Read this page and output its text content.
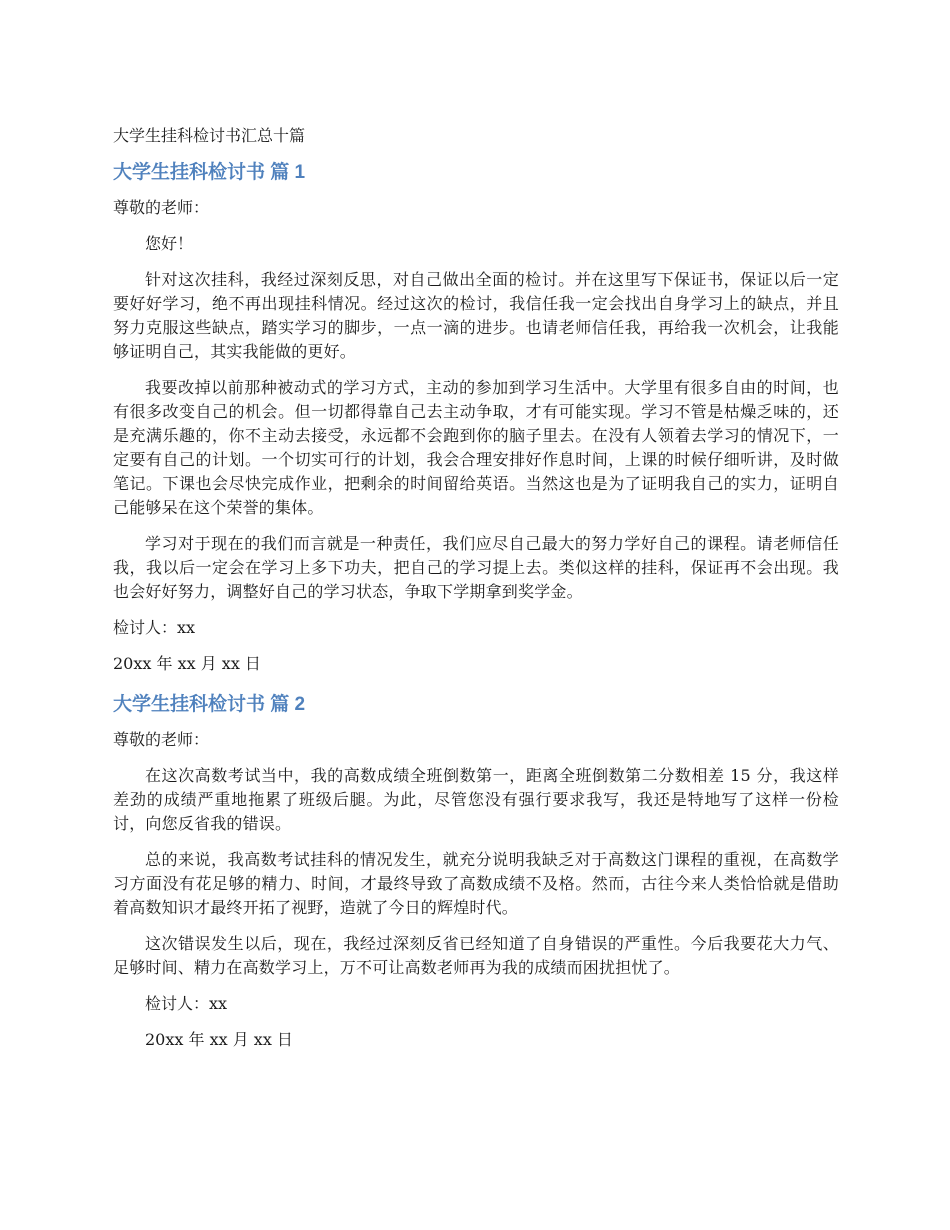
大学生挂科检讨书汇总十篇
大学生挂科检讨书 篇 1
尊敬的老师：
您好！

针对这次挂科，我经过深刻反思，对自己做出全面的检讨。并在这里写下保证书，保证以后一定要好好学习，绝不再出现挂科情况。经过这次的检讨，我信任我一定会找出自身学习上的缺点，并且努力克服这些缺点，踏实学习的脚步，一点一滴的进步。也请老师信任我，再给我一次机会，让我能够证明自己，其实我能做的更好。

我要改掉以前那种被动式的学习方式，主动的参加到学习生活中。大学里有很多自由的时间，也有很多改变自己的机会。但一切都得靠自己去主动争取，才有可能实现。学习不管是枯燥乏味的，还是充满乐趣的，你不主动去接受，永远都不会跑到你的脑子里去。在没有人领着去学习的情况下，一定要有自己的计划。一个切实可行的计划，我会合理安排好作息时间，上课的时候仔细听讲，及时做笔记。下课也会尽快完成作业，把剩余的时间留给英语。当然这也是为了证明我自己的实力，证明自己能够呆在这个荣誉的集体。

学习对于现在的我们而言就是一种责任，我们应尽自己最大的努力学好自己的课程。请老师信任我，我以后一定会在学习上多下功夫，把自己的学习提上去。类似这样的挂科，保证再不会出现。我也会好好努力，调整好自己的学习状态，争取下学期拿到奖学金。

检讨人：xx
20xx 年 xx 月 xx 日
大学生挂科检讨书 篇 2
尊敬的老师：

在这次高数考试当中，我的高数成绩全班倒数第一，距离全班倒数第二分数相差 15 分，我这样差劲的成绩严重地拖累了班级后腿。为此，尽管您没有强行要求我写，我还是特地写了这样一份检讨，向您反省我的错误。

总的来说，我高数考试挂科的情况发生，就充分说明我缺乏对于高数这门课程的重视，在高数学习方面没有花足够的精力、时间，才最终导致了高数成绩不及格。然而，古往今来人类恰恰就是借助着高数知识才最终开拓了视野，造就了今日的辉煌时代。

这次错误发生以后，现在，我经过深刻反省已经知道了自身错误的严重性。今后我要花大力气、足够时间、精力在高数学习上，万不可让高数老师再为我的成绩而困扰担忧了。

检讨人：xx
20xx 年 xx 月 xx 日
